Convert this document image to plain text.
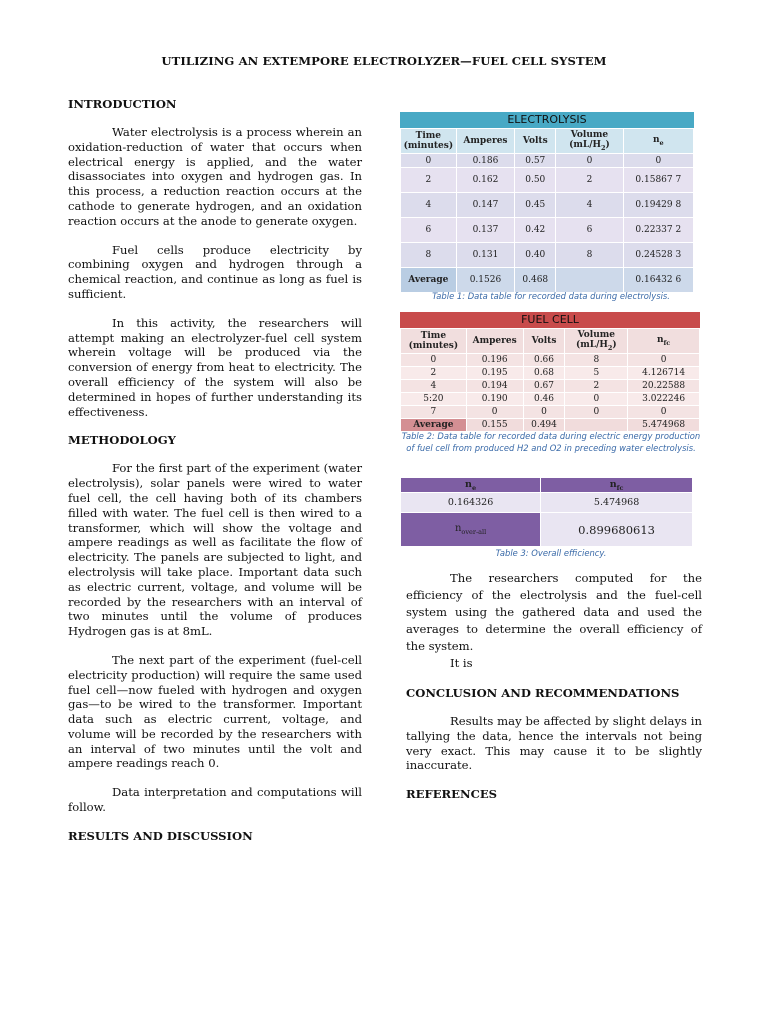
UTILIZING AN EXTEMPORE ELECTROLYZER—FUEL CELL SYSTEM
INTRODUCTION

Water electrolysis is a process wherein an oxidation-reduction of water that occurs when electrical energy is applied, and the water disassociates into oxygen and hydrogen gas. In this process, a reduction reaction occurs at the cathode to generate hydrogen, and an oxidation reaction occurs at the anode to generate oxygen.

Fuel cells produce electricity by combining oxygen and hydrogen through a chemical reaction, and continue as long as fuel is sufficient.

In this activity, the researchers will attempt making an electrolyzer-fuel cell system wherein voltage will be produced via the conversion of energy from heat to electricity. The overall efficiency of the system will also be determined in hopes of further understanding its effectiveness.

METHODOLOGY

For the first part of the experiment (water electrolysis), solar panels were wired to water fuel cell, the cell having both of its chambers filled with water. The fuel cell is then wired to a transformer, which will show the voltage and ampere readings as well as facilitate the flow of electricity. The panels are subjected to light, and electrolysis will take place. Important data such as electric current, voltage, and volume will be recorded by the researchers with an interval of two minutes until the volume of produces Hydrogen gas is at 8mL.

The next part of the experiment (fuel-cell electricity production) will require the same used fuel cell—now fueled with hydrogen and oxygen gas—to be wired to the transformer. Important data such as electric current, voltage, and volume will be recorded by the researchers with an interval of two minutes until the volt and ampere readings reach 0.

Data interpretation and computations will follow.

RESULTS AND DISCUSSION
ELECTROLYSIS
Time (minutes)	Amperes	Volts	Volume $(mL/H_2)$	$n_e$
0	0.186	0.57	0	0
2	0.162	0.50	2	0.15867 7
4	0.147	0.45	4	0.19429 8
6	0.137	0.42	6	0.22337 2
8	0.131	0.40	8	0.24528 3
Average	0.1526	0.468		0.16432 6
Table 1: Data table for recorded data during electrolysis.
FUEL CELL
Time (minutes)	Amperes	Volts	Volume $(mL/H_2)$	$n_{fc}$
0	0.196	0.66	8	0
2	0.195	0.68	5	4.126714
4	0.194	0.67	2	20.22588
5:20	0.190	0.46	0	3.022246
7	0	0	0	0
Average	0.155	0.494		5.474968
Table 2: Data table for recorded data during electric energy production of fuel cell from produced H2 and O2 in preceding water electrolysis.
$n_e$	$n_{fc}$
0.164326	5.474968
$n_{over-all}$	0.899680613
Table 3: Overall efficiency.

The researchers computed for the efficiency of the electrolysis and the fuel-cell system using the gathered data and used the averages to determine the overall efficiency of the system.

It is

CONCLUSION AND RECOMMENDATIONS

Results may be affected by slight delays in tallying the data, hence the intervals not being very exact. This may cause it to be slightly inaccurate.

REFERENCES
